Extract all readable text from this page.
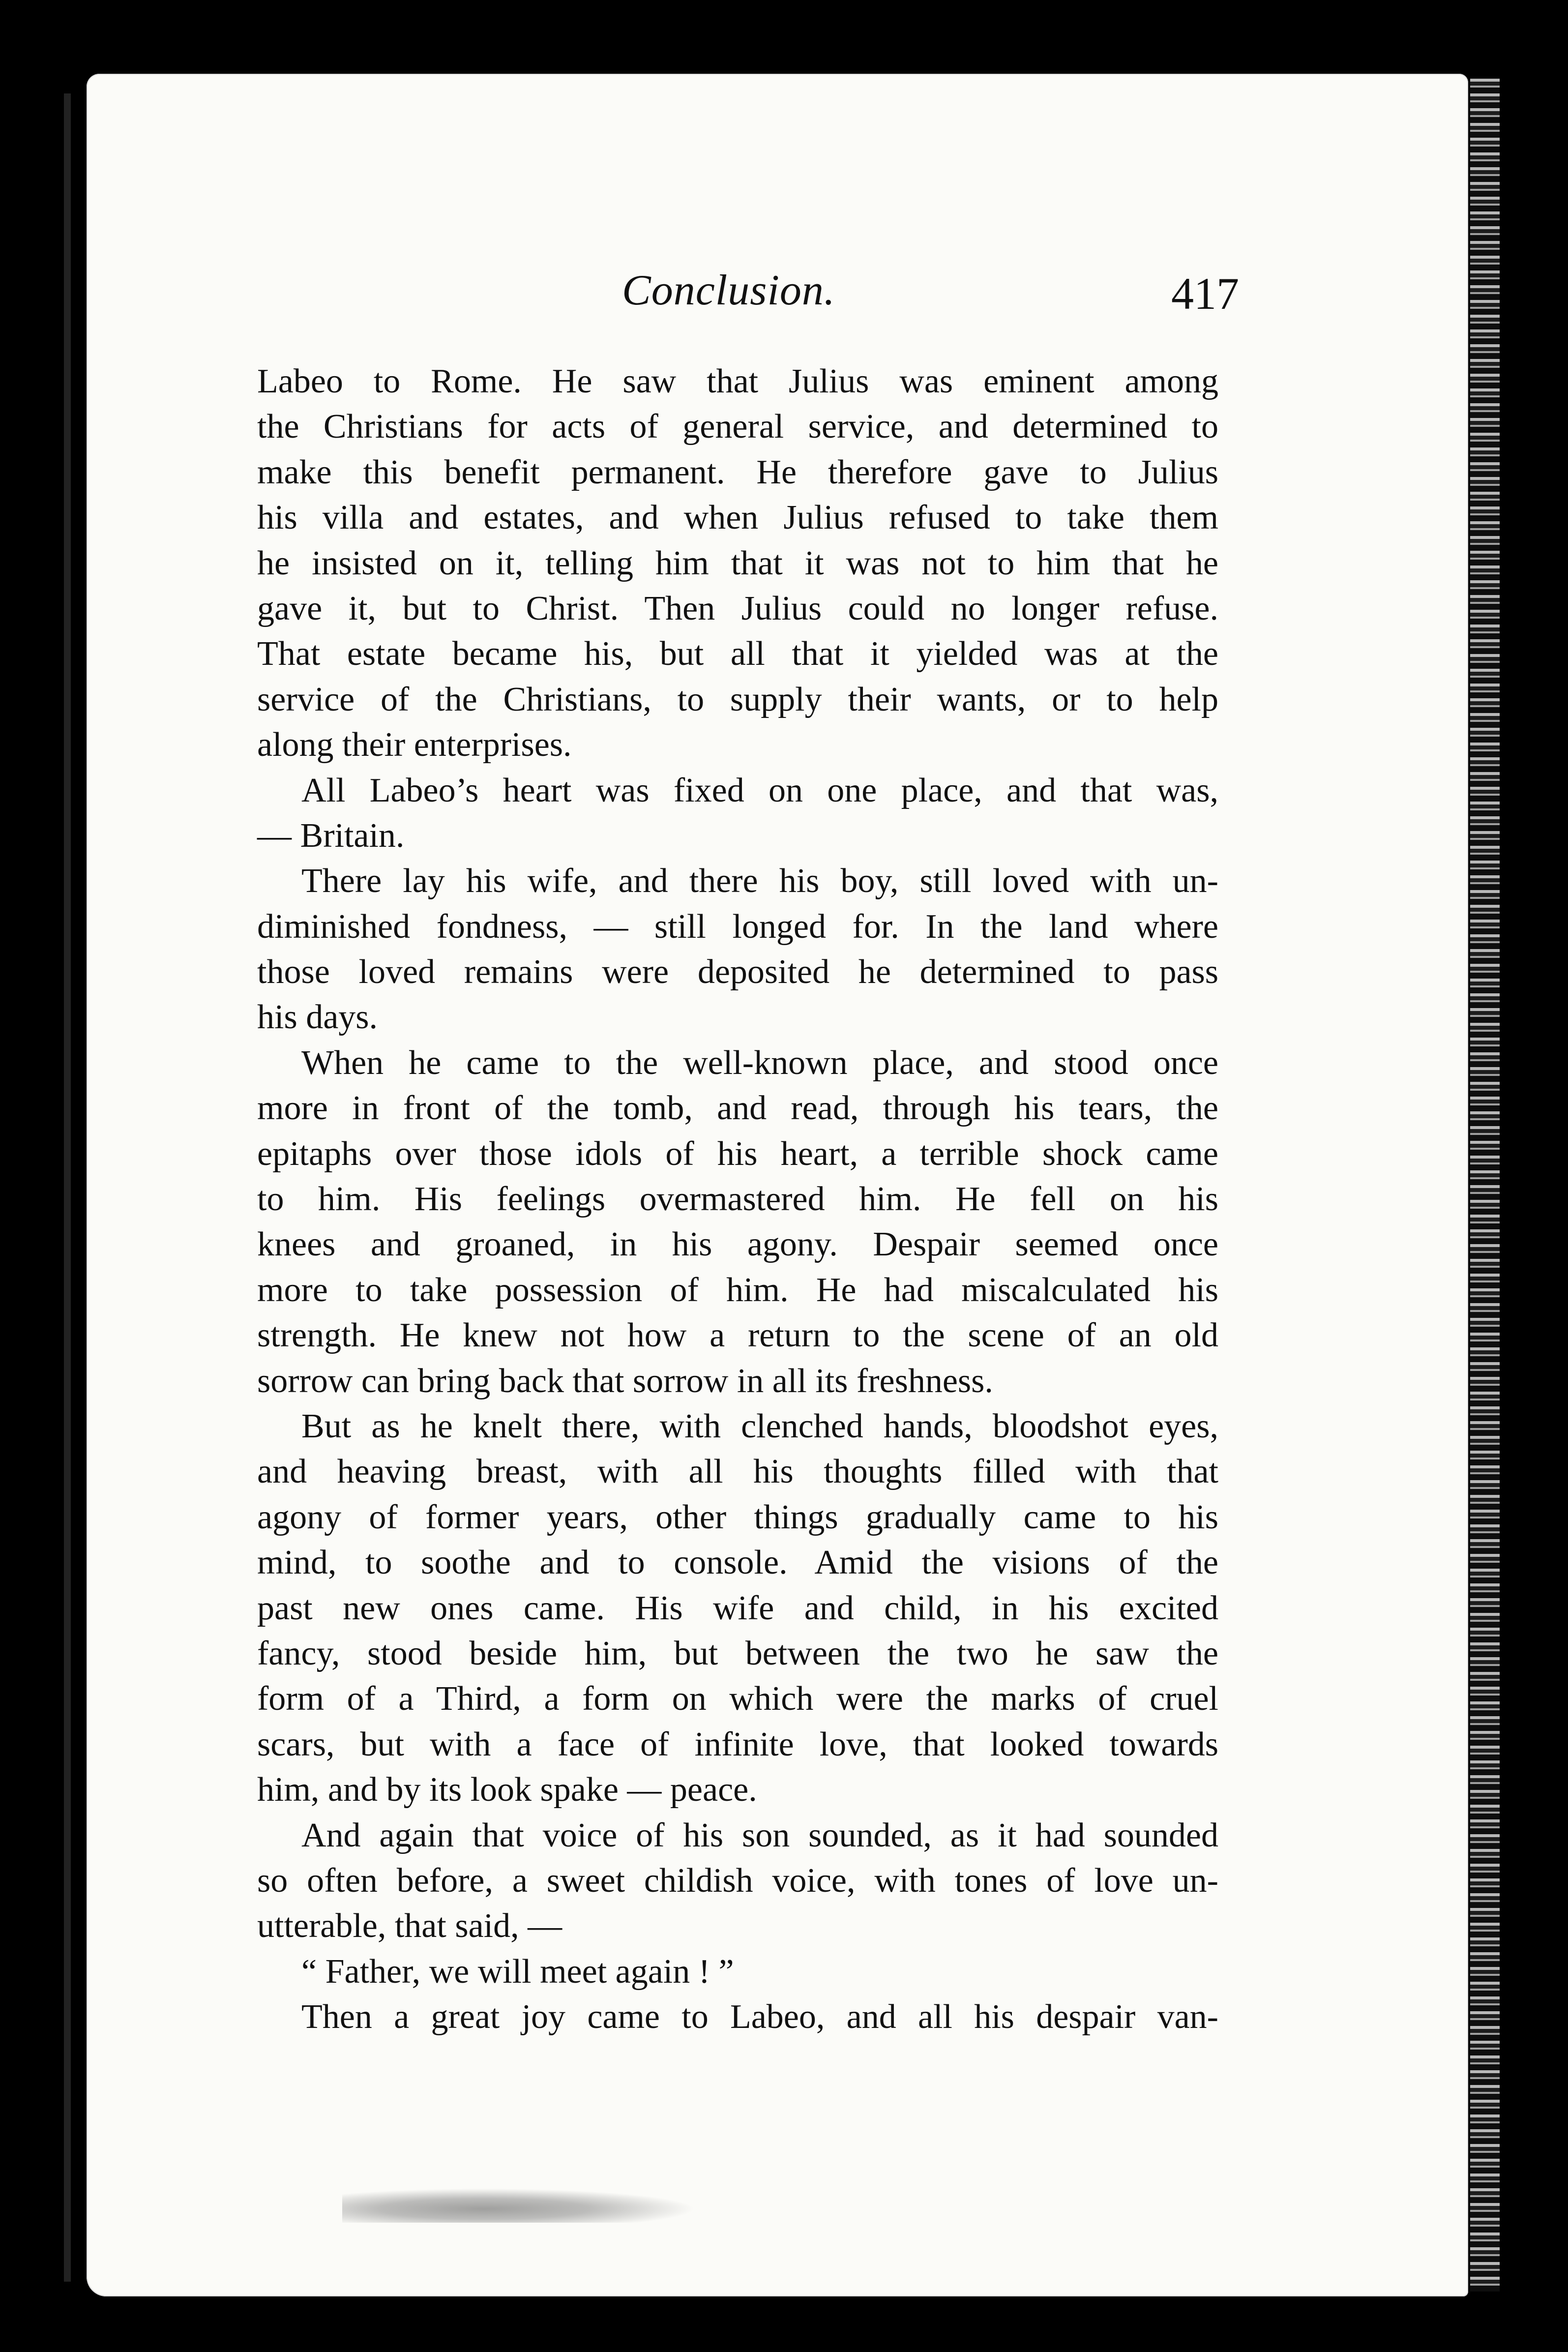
Conclusion.	417
Labeo to Rome. He saw that Julius was eminent among
the Christians for acts of general service, and determined to
make this benefit permanent. He therefore gave to Julius
his villa and estates, and when Julius refused to take them
he insisted on it, telling him that it was not to him that he
gave it, but to Christ. Then Julius could no longer refuse.
That estate became his, but all that it yielded was at the
service of the Christians, to supply their wants, or to help
along their enterprises.
All Labeo’s heart was fixed on one place, and that was,
— Britain.
There lay his wife, and there his boy, still loved with un-
diminished fondness, — still longed for. In the land where
those loved remains were deposited he determined to pass
his days.
When he came to the well-known place, and stood once
more in front of the tomb, and read, through his tears, the
epitaphs over those idols of his heart, a terrible shock came
to him. His feelings overmastered him. He fell on his
knees and groaned, in his agony. Despair seemed once
more to take possession of him. He had miscalculated his
strength. He knew not how a return to the scene of an old
sorrow can bring back that sorrow in all its freshness.
But as he knelt there, with clenched hands, bloodshot eyes,
and heaving breast, with all his thoughts filled with that
agony of former years, other things gradually came to his
mind, to soothe and to console. Amid the visions of the
past new ones came. His wife and child, in his excited
fancy, stood beside him, but between the two he saw the
form of a Third, a form on which were the marks of cruel
scars, but with a face of infinite love, that looked towards
him, and by its look spake — peace.
And again that voice of his son sounded, as it had sounded
so often before, a sweet childish voice, with tones of love un-
utterable, that said, —
“ Father, we will meet again ! ”
Then a great joy came to Labeo, and all his despair van-
